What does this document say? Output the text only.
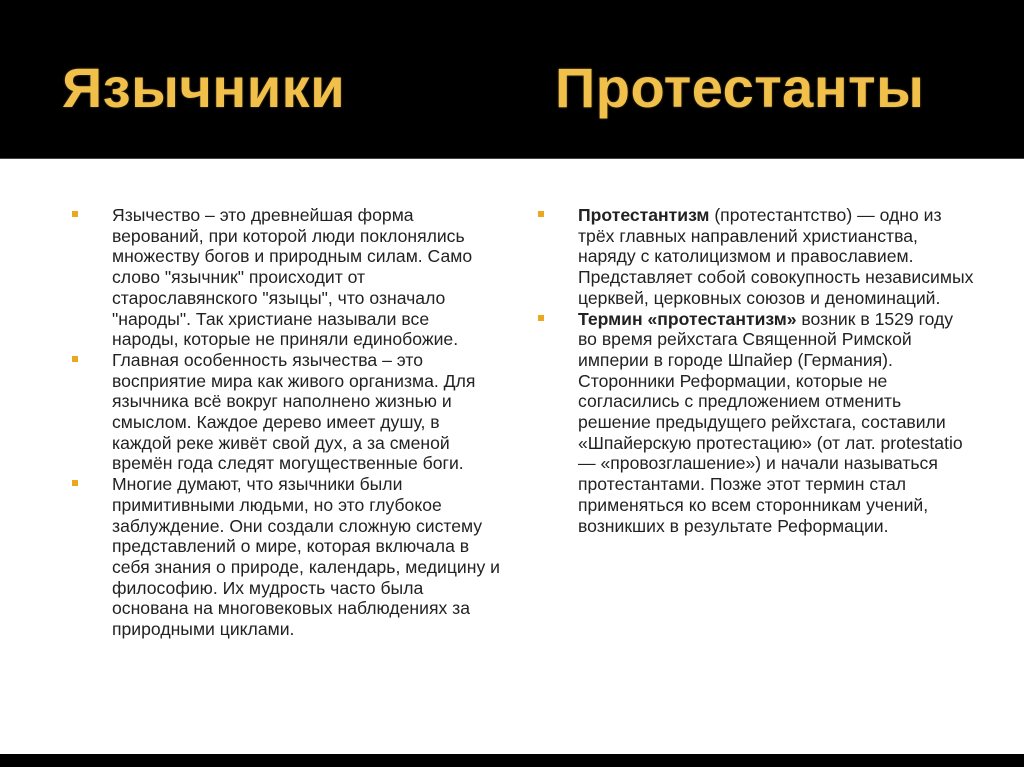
Язычники	Протестанты
Язычество – это древнейшая форма верований, при которой люди поклонялись множеству богов и природным силам. Само слово "язычник" происходит от старославянского "языцы", что означало "народы". Так христиане называли все народы, которые не приняли единобожие.
Главная особенность язычества – это восприятие мира как живого организма. Для язычника всё вокруг наполнено жизнью и смыслом. Каждое дерево имеет душу, в каждой реке живёт свой дух, а за сменой времён года следят могущественные боги.
Многие думают, что язычники были примитивными людьми, но это глубокое заблуждение. Они создали сложную систему представлений о мире, которая включала в себя знания о природе, календарь, медицину и философию. Их мудрость часто была основана на многовековых наблюдениях за природными циклами.
Протестантизм (протестантство) — одно из трёх главных направлений христианства, наряду с католицизмом и православием. Представляет собой совокупность независимых церквей, церковных союзов и деноминаций.
Термин «протестантизм» возник в 1529 году во время рейхстага Священной Римской империи в городе Шпайер (Германия). Сторонники Реформации, которые не согласились с предложением отменить решение предыдущего рейхстага, составили «Шпайерскую протестацию» (от лат. protestatio — «провозглашение») и начали называться протестантами. Позже этот термин стал применяться ко всем сторонникам учений, возникших в результате Реформации.
